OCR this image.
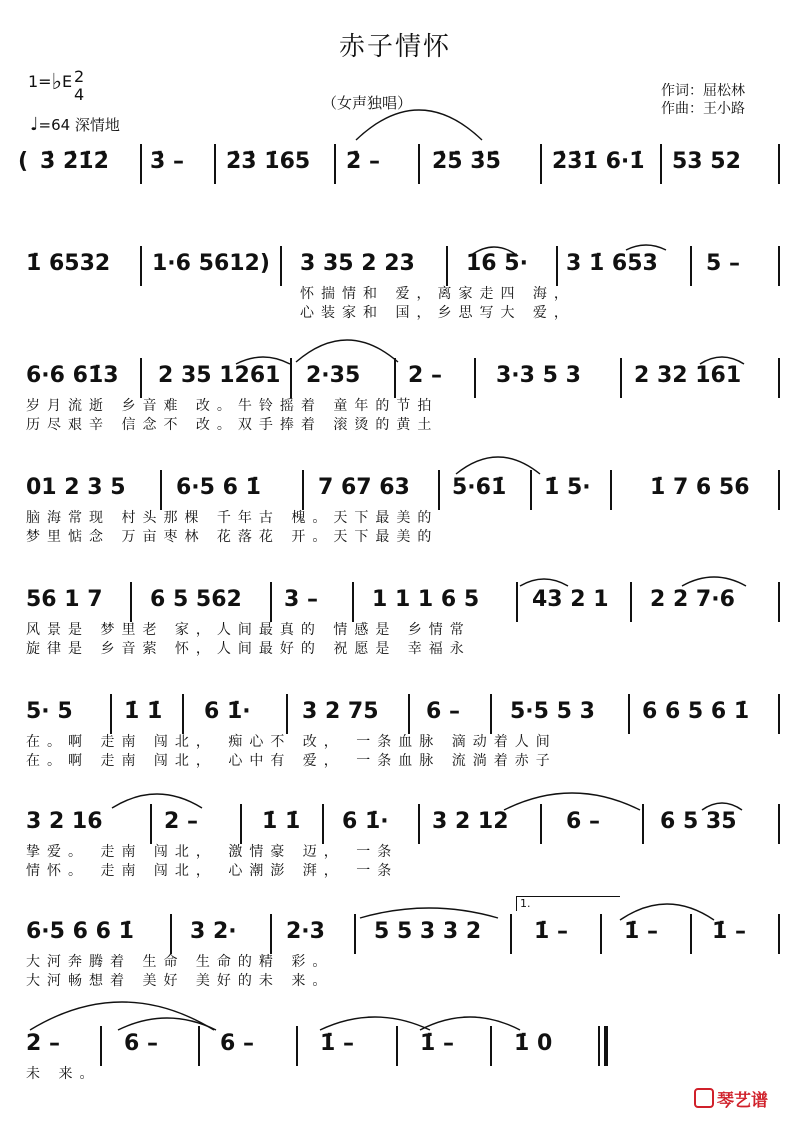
赤子情怀
1=♭E 2
4
♩=64 深情地
（女声独唱）
作词：屈松林
作曲：王小路
( 3̇ 2̇1̇2̇ 3̇ – 2̇3̇ 1̇65 2̇ – 2̇5̇ 3̇5̇ 2̇3̇1̇ 6·1̇ 53 52
1̇ 6532 1·6 5612) 3 35 2 23 16 5· 3 1̇ 653 5 –
怀揣情和 爱，离家走四 海，
心装家和 国，乡思写大 爱，
6·6 61̇3 2 35 1261 2·35 2 – 3·3 5 3 2 32 161
岁月流逝 乡音难 改。牛铃摇着 童年的节拍
历尽艰辛 信念不 改。双手捧着 滚烫的黄土
01 2 3 5 6·5 6 1̇	7 67 63 5·61̇ 1̇ 5·	1̇ 7 6 56
脑海常现 村头那棵 千年古 槐。天下最美的
梦里惦念 万亩枣林 花落花 开。天下最美的
56 1 7 6 5 562 3 – 1 1 1 6 5 43 2 1 2 2 7·6
风景是 梦里老 家，人间最真的 情感是 乡情常
旋律是 乡音萦 怀，人间最好的 祝愿是 幸福永
5· 5 1̇ 1̇ 6 1̇· 3 2 75 6 – 5·5 5 3 6 6 5 6 1̇
在。啊 走南 闯北， 痴心不 改， 一条血脉 滴动着人间
在。啊 走南 闯北， 心中有 爱， 一条血脉 流淌着赤子
3 2 16	2 –	1̇ 1̇ 6 1̇· 3 2 12	6 –	6 5 35
挚爱。 走南 闯北， 激情豪 迈， 一条
情怀。 走南 闯北， 心潮澎 湃， 一条
6·5 6 6 1̇	3 2· 2·3 5 5 3 3 2 1̇ –	1̇ – 1̇ –
大河奔腾着 生命 生命的精 彩。
大河畅想着 美好 美好的未 来。
2 –	6 –	6 –	1̇ –	1̇ –	1̇ 0
未 来。
琴艺谱
1.
